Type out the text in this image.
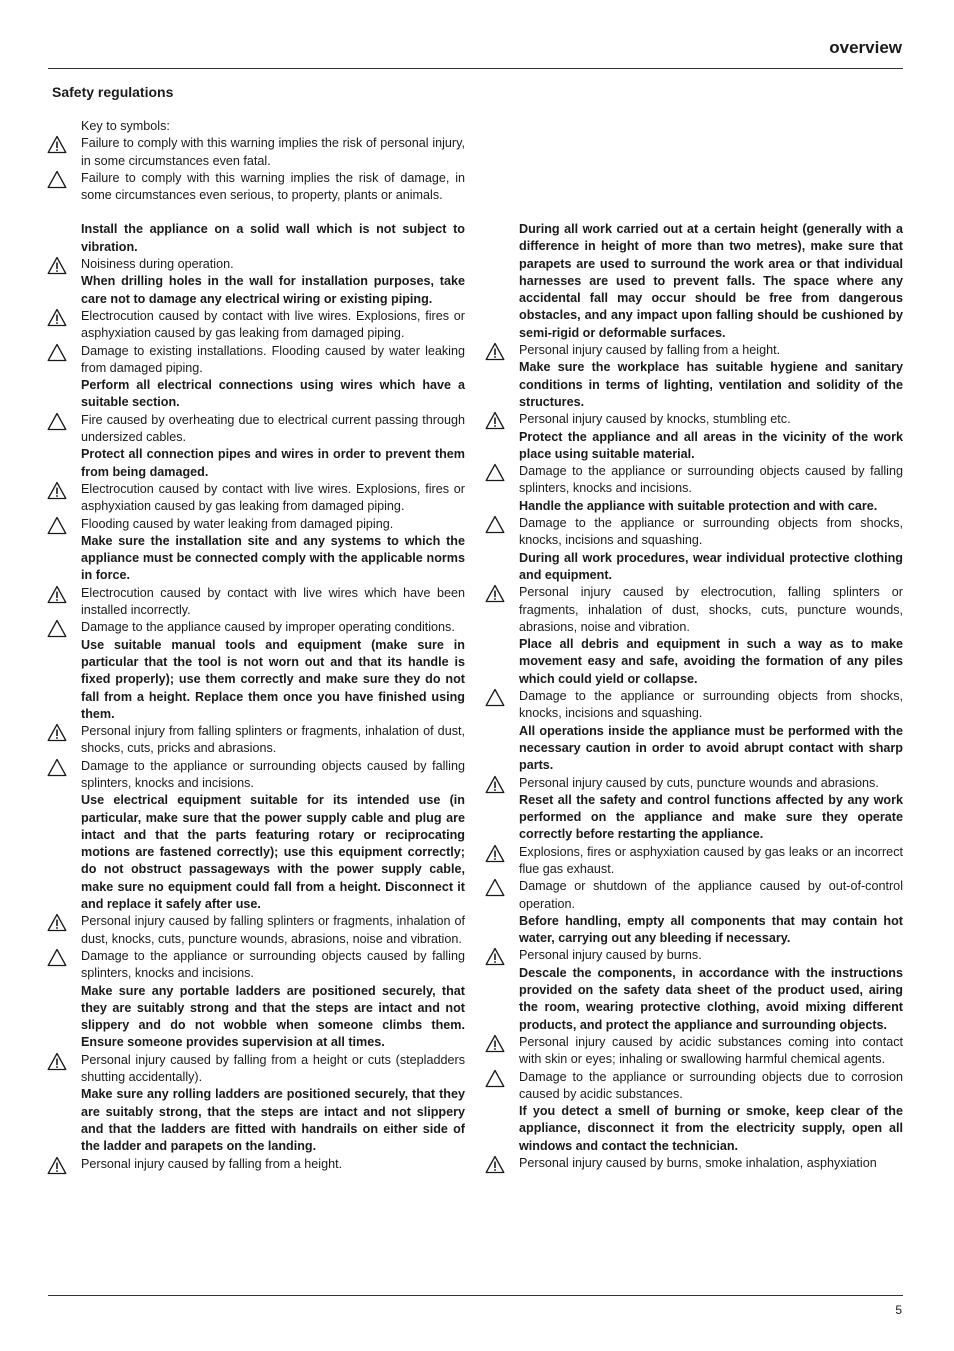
overview
Safety regulations
Key to symbols:
Failure to comply with this warning implies the risk of personal injury, in some circumstances even fatal.
Failure to comply with this warning implies the risk of damage, in some circumstances even serious, to property, plants or animals.
Install the appliance on a solid wall which is not subject to vibration.
Noisiness during operation.
When drilling holes in the wall for installation purposes, take care not to damage any electrical wiring or existing piping.
Electrocution caused by contact with live wires. Explosions, fires or asphyxiation caused by gas leaking from damaged piping.
Damage to existing installations. Flooding caused by water leaking from damaged piping.
Perform all electrical connections using wires which have a suitable section.
Fire caused by overheating due to electrical current passing through undersized cables.
Protect all connection pipes and wires in order to prevent them from being damaged.
Electrocution caused by contact with live wires. Explosions, fires or asphyxiation caused by gas leaking from damaged piping.
Flooding caused by water leaking from damaged piping.
Make sure the installation site and any systems to which the appliance must be connected comply with the applicable norms in force.
Electrocution caused by contact with live wires which have been installed incorrectly.
Damage to the appliance caused by improper operating conditions.
Use suitable manual tools and equipment (make sure in particular that the tool is not worn out and that its handle is fixed properly); use them correctly and make sure they do not fall from a height. Replace them once you have finished using them.
Personal injury from falling splinters or fragments, inhalation of dust, shocks, cuts, pricks and abrasions.
Damage to the appliance or surrounding objects caused by falling splinters, knocks and incisions.
Use electrical equipment suitable for its intended use (in particular, make sure that the power supply cable and plug are intact and that the parts featuring rotary or reciprocating motions are fastened correctly); use this equipment correctly; do not obstruct passageways with the power supply cable, make sure no equipment could fall from a height. Disconnect it and replace it safely after use.
Personal injury caused by falling splinters or fragments, inhalation of dust, knocks, cuts, puncture wounds, abrasions, noise and vibration.
Damage to the appliance or surrounding objects caused by falling splinters, knocks and incisions.
Make sure any portable ladders are positioned securely, that they are suitably strong and that the steps are intact and not slippery and do not wobble when someone climbs them. Ensure someone provides supervision at all times.
Personal injury caused by falling from a height or cuts (stepladders shutting accidentally).
Make sure any rolling ladders are positioned securely, that they are suitably strong, that the steps are intact and not slippery and that the ladders are fitted with handrails on either side of the ladder and parapets on the landing.
Personal injury caused by falling from a height.
During all work carried out at a certain height (generally with a difference in height of more than two metres), make sure that parapets are used to surround the work area or that individual harnesses are used to prevent falls. The space where any accidental fall may occur should be free from dangerous obstacles, and any impact upon falling should be cushioned by semi-rigid or deformable surfaces.
Personal injury caused by falling from a height.
Make sure the workplace has suitable hygiene and sanitary conditions in terms of lighting, ventilation and solidity of the structures.
Personal injury caused by knocks, stumbling etc.
Protect the appliance and all areas in the vicinity of the work place using suitable material.
Damage to the appliance or surrounding objects caused by falling splinters, knocks and incisions.
Handle the appliance with suitable protection and with care.
Damage to the appliance or surrounding objects from shocks, knocks, incisions and squashing.
During all work procedures, wear individual protective clothing and equipment.
Personal injury caused by electrocution, falling splinters or fragments, inhalation of dust, shocks, cuts, puncture wounds, abrasions, noise and vibration.
Place all debris and equipment in such a way as to make movement easy and safe, avoiding the formation of any piles which could yield or collapse.
Damage to the appliance or surrounding objects from shocks, knocks, incisions and squashing.
All operations inside the appliance must be performed with the necessary caution in order to avoid abrupt contact with sharp parts.
Personal injury caused by cuts, puncture wounds and abrasions.
Reset all the safety and control functions affected by any work performed on the appliance and make sure they operate correctly before restarting the appliance.
Explosions, fires or asphyxiation caused by gas leaks or an incorrect flue gas exhaust.
Damage or shutdown of the appliance caused by out-of-control operation.
Before handling, empty all components that may contain hot water, carrying out any bleeding if necessary.
Personal injury caused by burns.
Descale the components, in accordance with the instructions provided on the safety data sheet of the product used, airing the room, wearing protective clothing, avoid mixing different products, and protect the appliance and surrounding objects.
Personal injury caused by acidic substances coming into contact with skin or eyes; inhaling or swallowing harmful chemical agents.
Damage to the appliance or surrounding objects due to corrosion caused by acidic substances.
If you detect a smell of burning or smoke, keep clear of the appliance, disconnect it from the electricity supply, open all windows and contact the technician.
Personal injury caused by burns, smoke inhalation, asphyxiation
5
